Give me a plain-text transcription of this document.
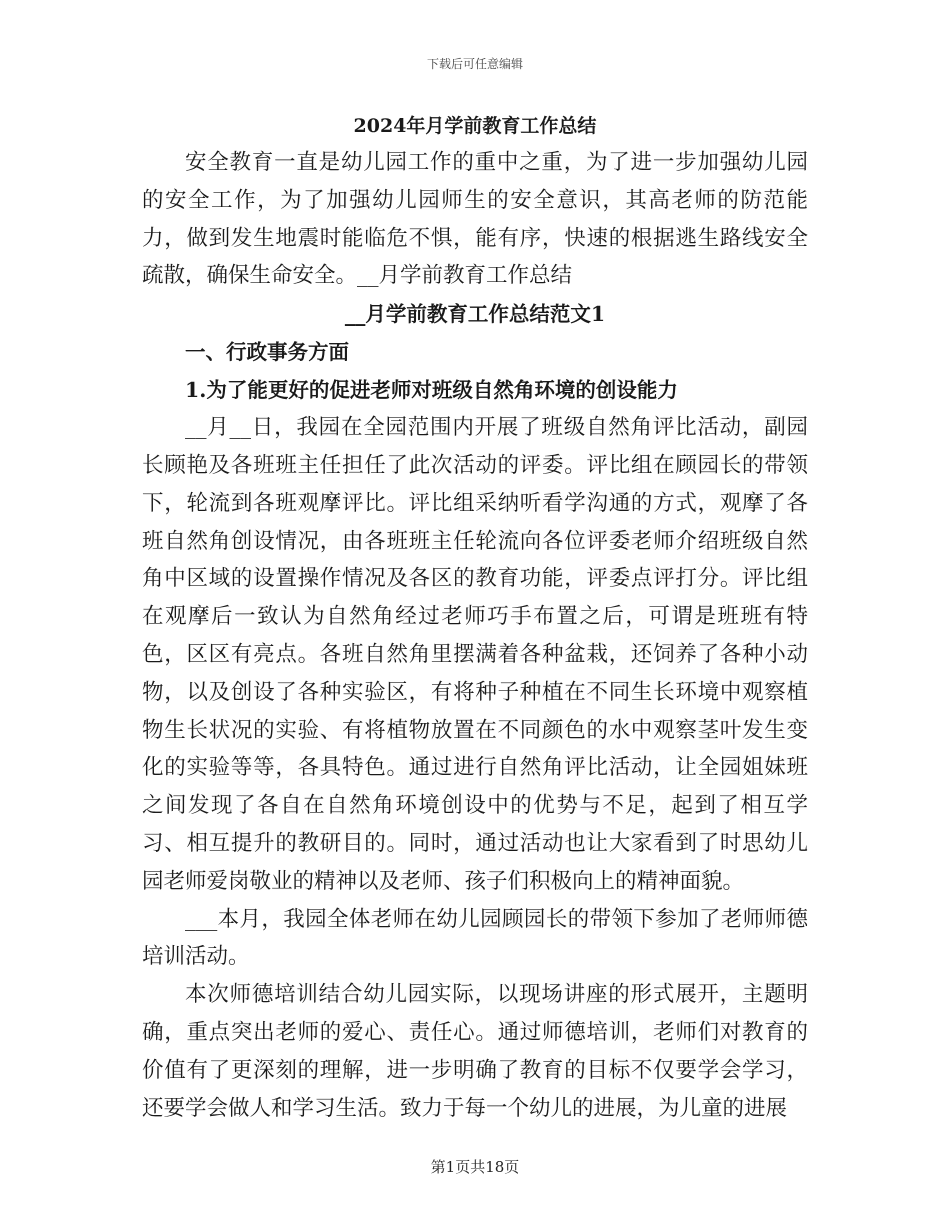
下载后可任意编辑

2024年月学前教育工作总结

安全教育一直是幼儿园工作的重中之重，为了进一步加强幼儿园的安全工作，为了加强幼儿园师生的安全意识，其高老师的防范能力，做到发生地震时能临危不惧，能有序，快速的根据逃生路线安全疏散，确保生命安全。__月学前教育工作总结

__月学前教育工作总结范文1

一、行政事务方面

1.为了能更好的促进老师对班级自然角环境的创设能力

__月__日，我园在全园范围内开展了班级自然角评比活动，副园长顾艳及各班班主任担任了此次活动的评委。评比组在顾园长的带领下，轮流到各班观摩评比。评比组采纳听看学沟通的方式，观摩了各班自然角创设情况，由各班班主任轮流向各位评委老师介绍班级自然角中区域的设置操作情况及各区的教育功能，评委点评打分。评比组在观摩后一致认为自然角经过老师巧手布置之后，可谓是班班有特色，区区有亮点。各班自然角里摆满着各种盆栽，还饲养了各种小动物，以及创设了各种实验区，有将种子种植在不同生长环境中观察植物生长状况的实验、有将植物放置在不同颜色的水中观察茎叶发生变化的实验等等，各具特色。通过进行自然角评比活动，让全园姐妹班之间发现了各自在自然角环境创设中的优势与不足，起到了相互学习、相互提升的教研目的。同时，通过活动也让大家看到了时思幼儿园老师爱岗敬业的精神以及老师、孩子们积极向上的精神面貌。

___本月，我园全体老师在幼儿园顾园长的带领下参加了老师师德培训活动。

本次师德培训结合幼儿园实际，以现场讲座的形式展开，主题明确，重点突出老师的爱心、责任心。通过师德培训，老师们对教育的价值有了更深刻的理解，进一步明确了教育的目标不仅要学会学习，还要学会做人和学习生活。致力于每一个幼儿的进展，为儿童的进展

第1页共18页
